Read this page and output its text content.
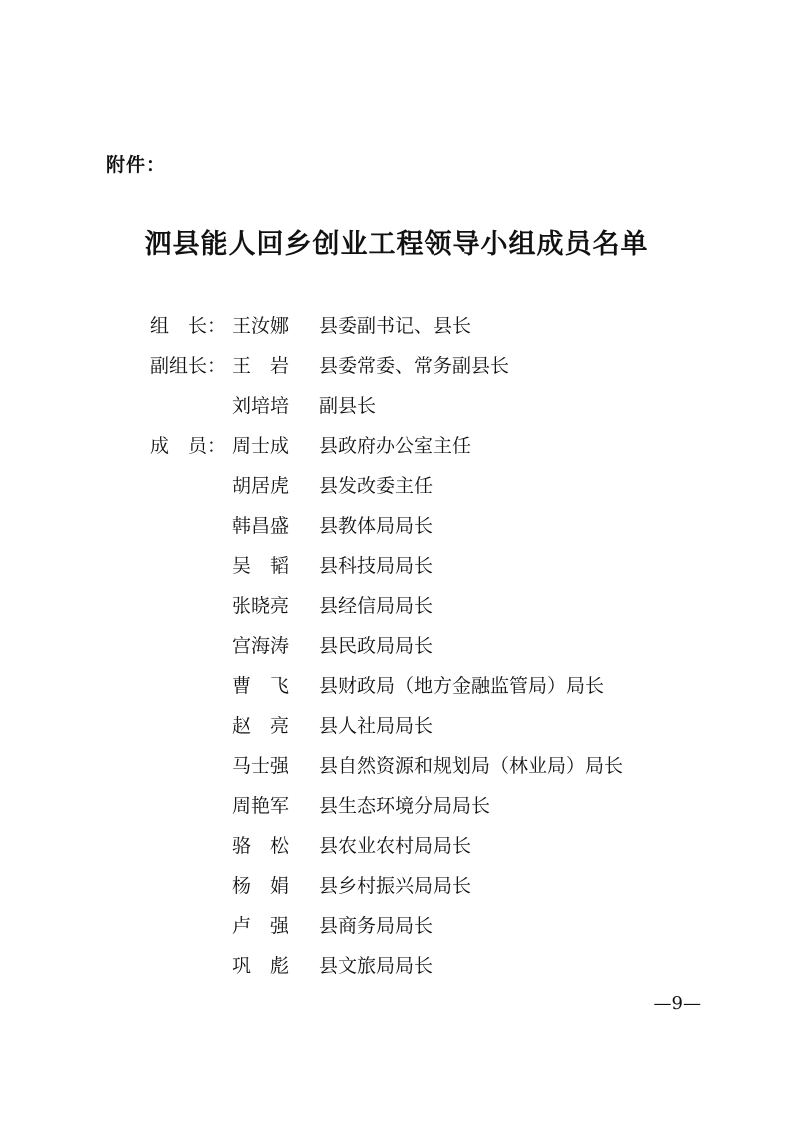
附件：
泗县能人回乡创业工程领导小组成员名单
组　长： 王汝娜	县委副书记、县长
副组长： 王　岩	县委常委、常务副县长
刘培培	副县长
成　员： 周士成	县政府办公室主任
胡居虎	县发改委主任
韩昌盛	县教体局局长
吴　韬	县科技局局长
张晓亮	县经信局局长
宫海涛	县民政局局长
曹　飞	县财政局（地方金融监管局）局长
赵　亮	县人社局局长
马士强	县自然资源和规划局（林业局）局长
周艳军	县生态环境分局局长
骆　松	县农业农村局局长
杨　娟	县乡村振兴局局长
卢　强	县商务局局长
巩　彪	县文旅局局长
—9—
